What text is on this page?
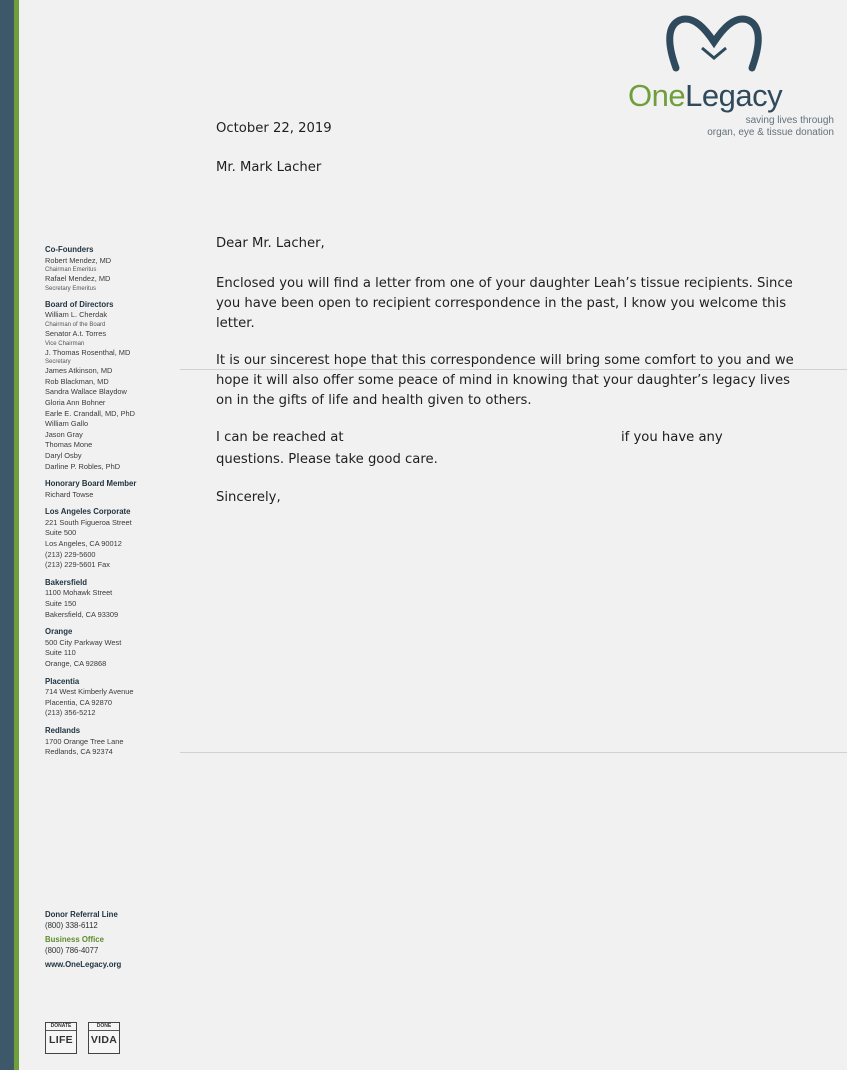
OneLegacy
saving lives through
organ, eye & tissue donation
October 22, 2019
Mr. Mark Lacher
Dear Mr. Lacher,
Enclosed you will find a letter from one of your daughter Leah’s tissue recipients. Since you have been open to recipient correspondence in the past, I know you welcome this letter.
It is our sincerest hope that this correspondence will bring some comfort to you and we hope it will also offer some peace of mind in knowing that your daughter’s legacy lives on in the gifts of life and health given to others.
I can be reached at	if you have any
questions. Please take good care.
Sincerely,
Co-Founders
Robert Mendez, MD
Chairman Emeritus
Rafael Mendez, MD
Secretary Emeritus
Board of Directors
William L. Cherdak
Chairman of the Board
Senator A.t. Torres
Vice Chairman
J. Thomas Rosenthal, MD
Secretary
James Atkinson, MD
Rob Blackman, MD
Sandra Wallace Blaydow
Gloria Ann Bohner
Earle E. Crandall, MD, PhD
William Gallo
Jason Gray
Thomas Mone
Daryl Osby
Darline P. Robles, PhD
Honorary Board Member
Richard Towse
Los Angeles Corporate
221 South Figueroa Street
Suite 500
Los Angeles, CA 90012
(213) 229-5600
(213) 229-5601 Fax
Bakersfield
1100 Mohawk Street
Suite 150
Bakersfield, CA 93309
Orange
500 City Parkway West
Suite 110
Orange, CA 92868
Placentia
714 West Kimberly Avenue
Placentia, CA 92870
(213) 356-5212
Redlands
1700 Orange Tree Lane
Redlands, CA 92374
Donor Referral Line
(800) 338-6112
Business Office
(800) 786-4077
www.OneLegacy.org
DONATE
LIFE
DONE
VIDA
